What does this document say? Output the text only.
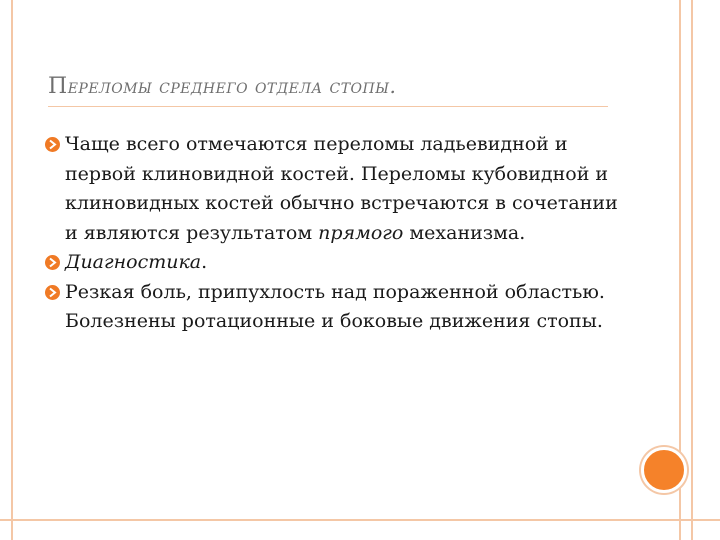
Переломы среднего отдела стопы.

Чаще всего отмечаются переломы ладьевидной и первой клиновидной костей. Переломы кубовидной и клиновидных костей обычно встречаются в сочетании и являются результатом прямого механизма.

Диагностика.

Резкая боль, припухлость над пораженной областью. Болезнены ротационные и боковые движения стопы.
